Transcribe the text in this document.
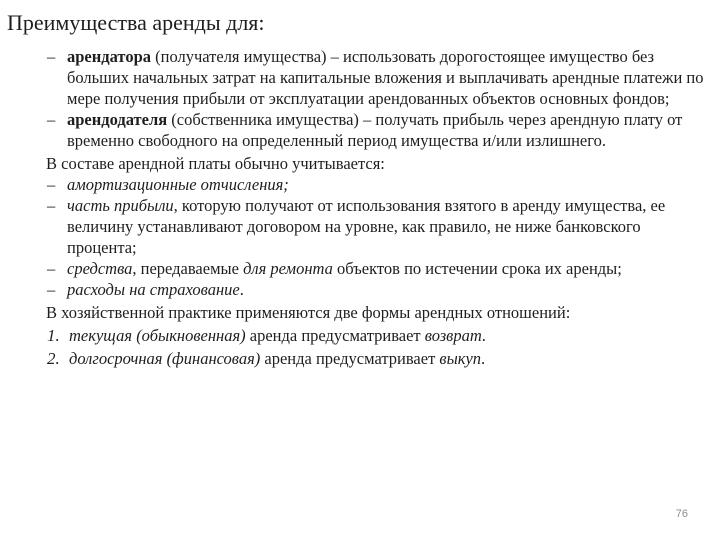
Преимущества аренды для:
– арендатора (получателя имущества) – использовать дорогостоящее имущество без больших начальных затрат на капитальные вложения и выплачивать арендные платежи по мере получения прибыли от эксплуатации арендованных объектов основных фондов;
– арендодателя (собственника имущества) – получать прибыль через арендную плату от временно свободного на определенный период имущества и/или излишнего.
В составе арендной платы обычно учитывается:
– амортизационные отчисления;
– часть прибыли, которую получают от использования взятого в аренду имущества, ее величину устанавливают договором на уровне, как правило, не ниже банковского процента;
– средства, передаваемые для ремонта объектов по истечении срока их аренды;
– расходы на страхование.
В хозяйственной практике применяются две формы арендных отношений:
1. текущая (обыкновенная) аренда предусматривает возврат.
2. долгосрочная (финансовая) аренда предусматривает выкуп.
76
